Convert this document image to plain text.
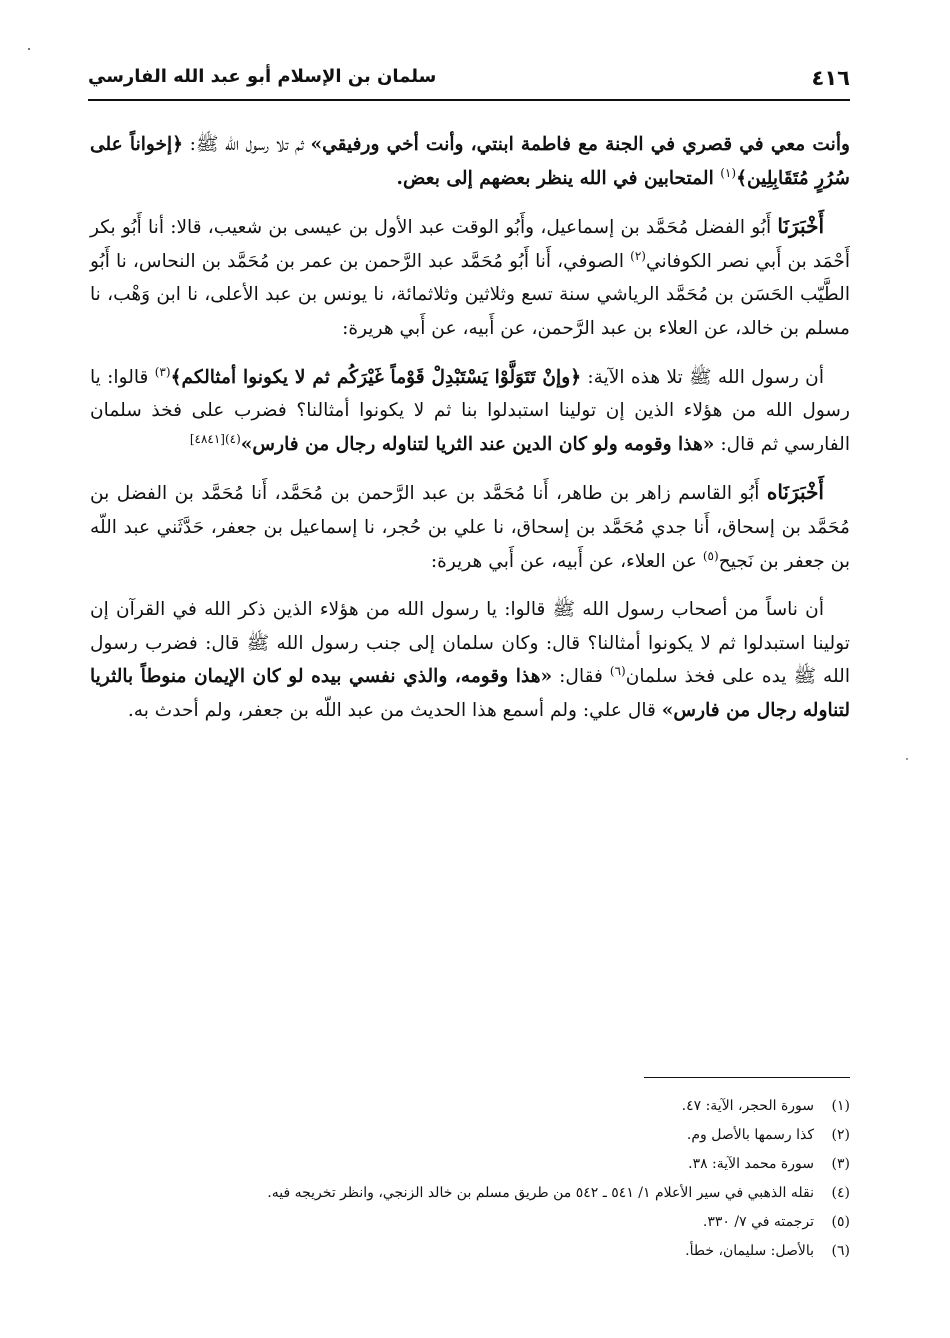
٤١٦
سلمان بن الإسلام أبو عبد الله الفارسي

وأنت معي في قصري في الجنة مع فاطمة ابنتي، وأنت أخي ورفيقي» ثم تلا رسول الله ﷺ: ﴿إخواناً على سُرُرٍ مُتَقَابِلِين﴾$^{(١)}$ المتحابين في الله ينظر بعضهم إلى بعض.

أَخْبَرَنَا أَبُو الفضل مُحَمَّد بن إسماعيل، وأَبُو الوقت عبد الأول بن عيسى بن شعيب، قالا: أنا أَبُو بكر أَحْمَد بن أَبي نصر الكوفاني$^{(٢)}$ الصوفي، أَنا أَبُو مُحَمَّد عبد الرَّحمن بن عمر بن مُحَمَّد بن النحاس، نا أَبُو الطَّيّب الحَسَن بن مُحَمَّد الرياشي سنة تسع وثلاثين وثلاثمائة، نا يونس بن عبد الأعلى، نا ابن وَهْب، نا مسلم بن خالد، عن العلاء بن عبد الرَّحمن، عن أَبيه، عن أَبي هريرة:

أن رسول الله ﷺ تلا هذه الآية: ﴿وإنْ تَتَوَلَّوْا يَسْتَبْدِلْ قَوْماً غَيْرَكُم ثم لا يكونوا أمثالكم﴾$^{(٣)}$ قالوا: يا رسول الله من هؤلاء الذين إن تولينا استبدلوا بنا ثم لا يكونوا أمثالنا؟ فضرب على فخذ سلمان الفارسي ثم قال: «هذا وقومه ولو كان الدين عند الثريا لتناوله رجال من فارس»$^{(٤)[٤٨٤١]}$

أَخْبَرَنَاه أَبُو القاسم زاهر بن طاهر، أَنا مُحَمَّد بن عبد الرَّحمن بن مُحَمَّد، أَنا مُحَمَّد بن الفضل بن مُحَمَّد بن إسحاق، أَنا جدي مُحَمَّد بن إسحاق، نا علي بن حُجر، نا إسماعيل بن جعفر، حَدَّثَني عبد اللّه بن جعفر بن نَجيح$^{(٥)}$ عن العلاء، عن أَبيه، عن أَبي هريرة:

أن ناساً من أصحاب رسول الله ﷺ قالوا: يا رسول الله من هؤلاء الذين ذكر الله في القرآن إن تولينا استبدلوا ثم لا يكونوا أمثالنا؟ قال: وكان سلمان إلى جنب رسول الله ﷺ قال: فضرب رسول الله ﷺ يده على فخذ سلمان$^{(٦)}$ فقال: «هذا وقومه، والذي نفسي بيده لو كان الإيمان منوطاً بالثريا لتناوله رجال من فارس» قال علي: ولم أسمع هذا الحديث من عبد اللّه بن جعفر، ولم أحدث به.

(١)سورة الحجر، الآية: ٤٧.
(٢)كذا رسمها بالأصل وم.
(٣)سورة محمد الآية: ٣٨.
(٤)نقله الذهبي في سير الأعلام ١/ ٥٤١ ـ ٥٤٢ من طريق مسلم بن خالد الزنجي، وانظر تخريجه فيه.
(٥)ترجمته في ٧/ ٣٣٠.
(٦)بالأصل: سليمان، خطأ.
